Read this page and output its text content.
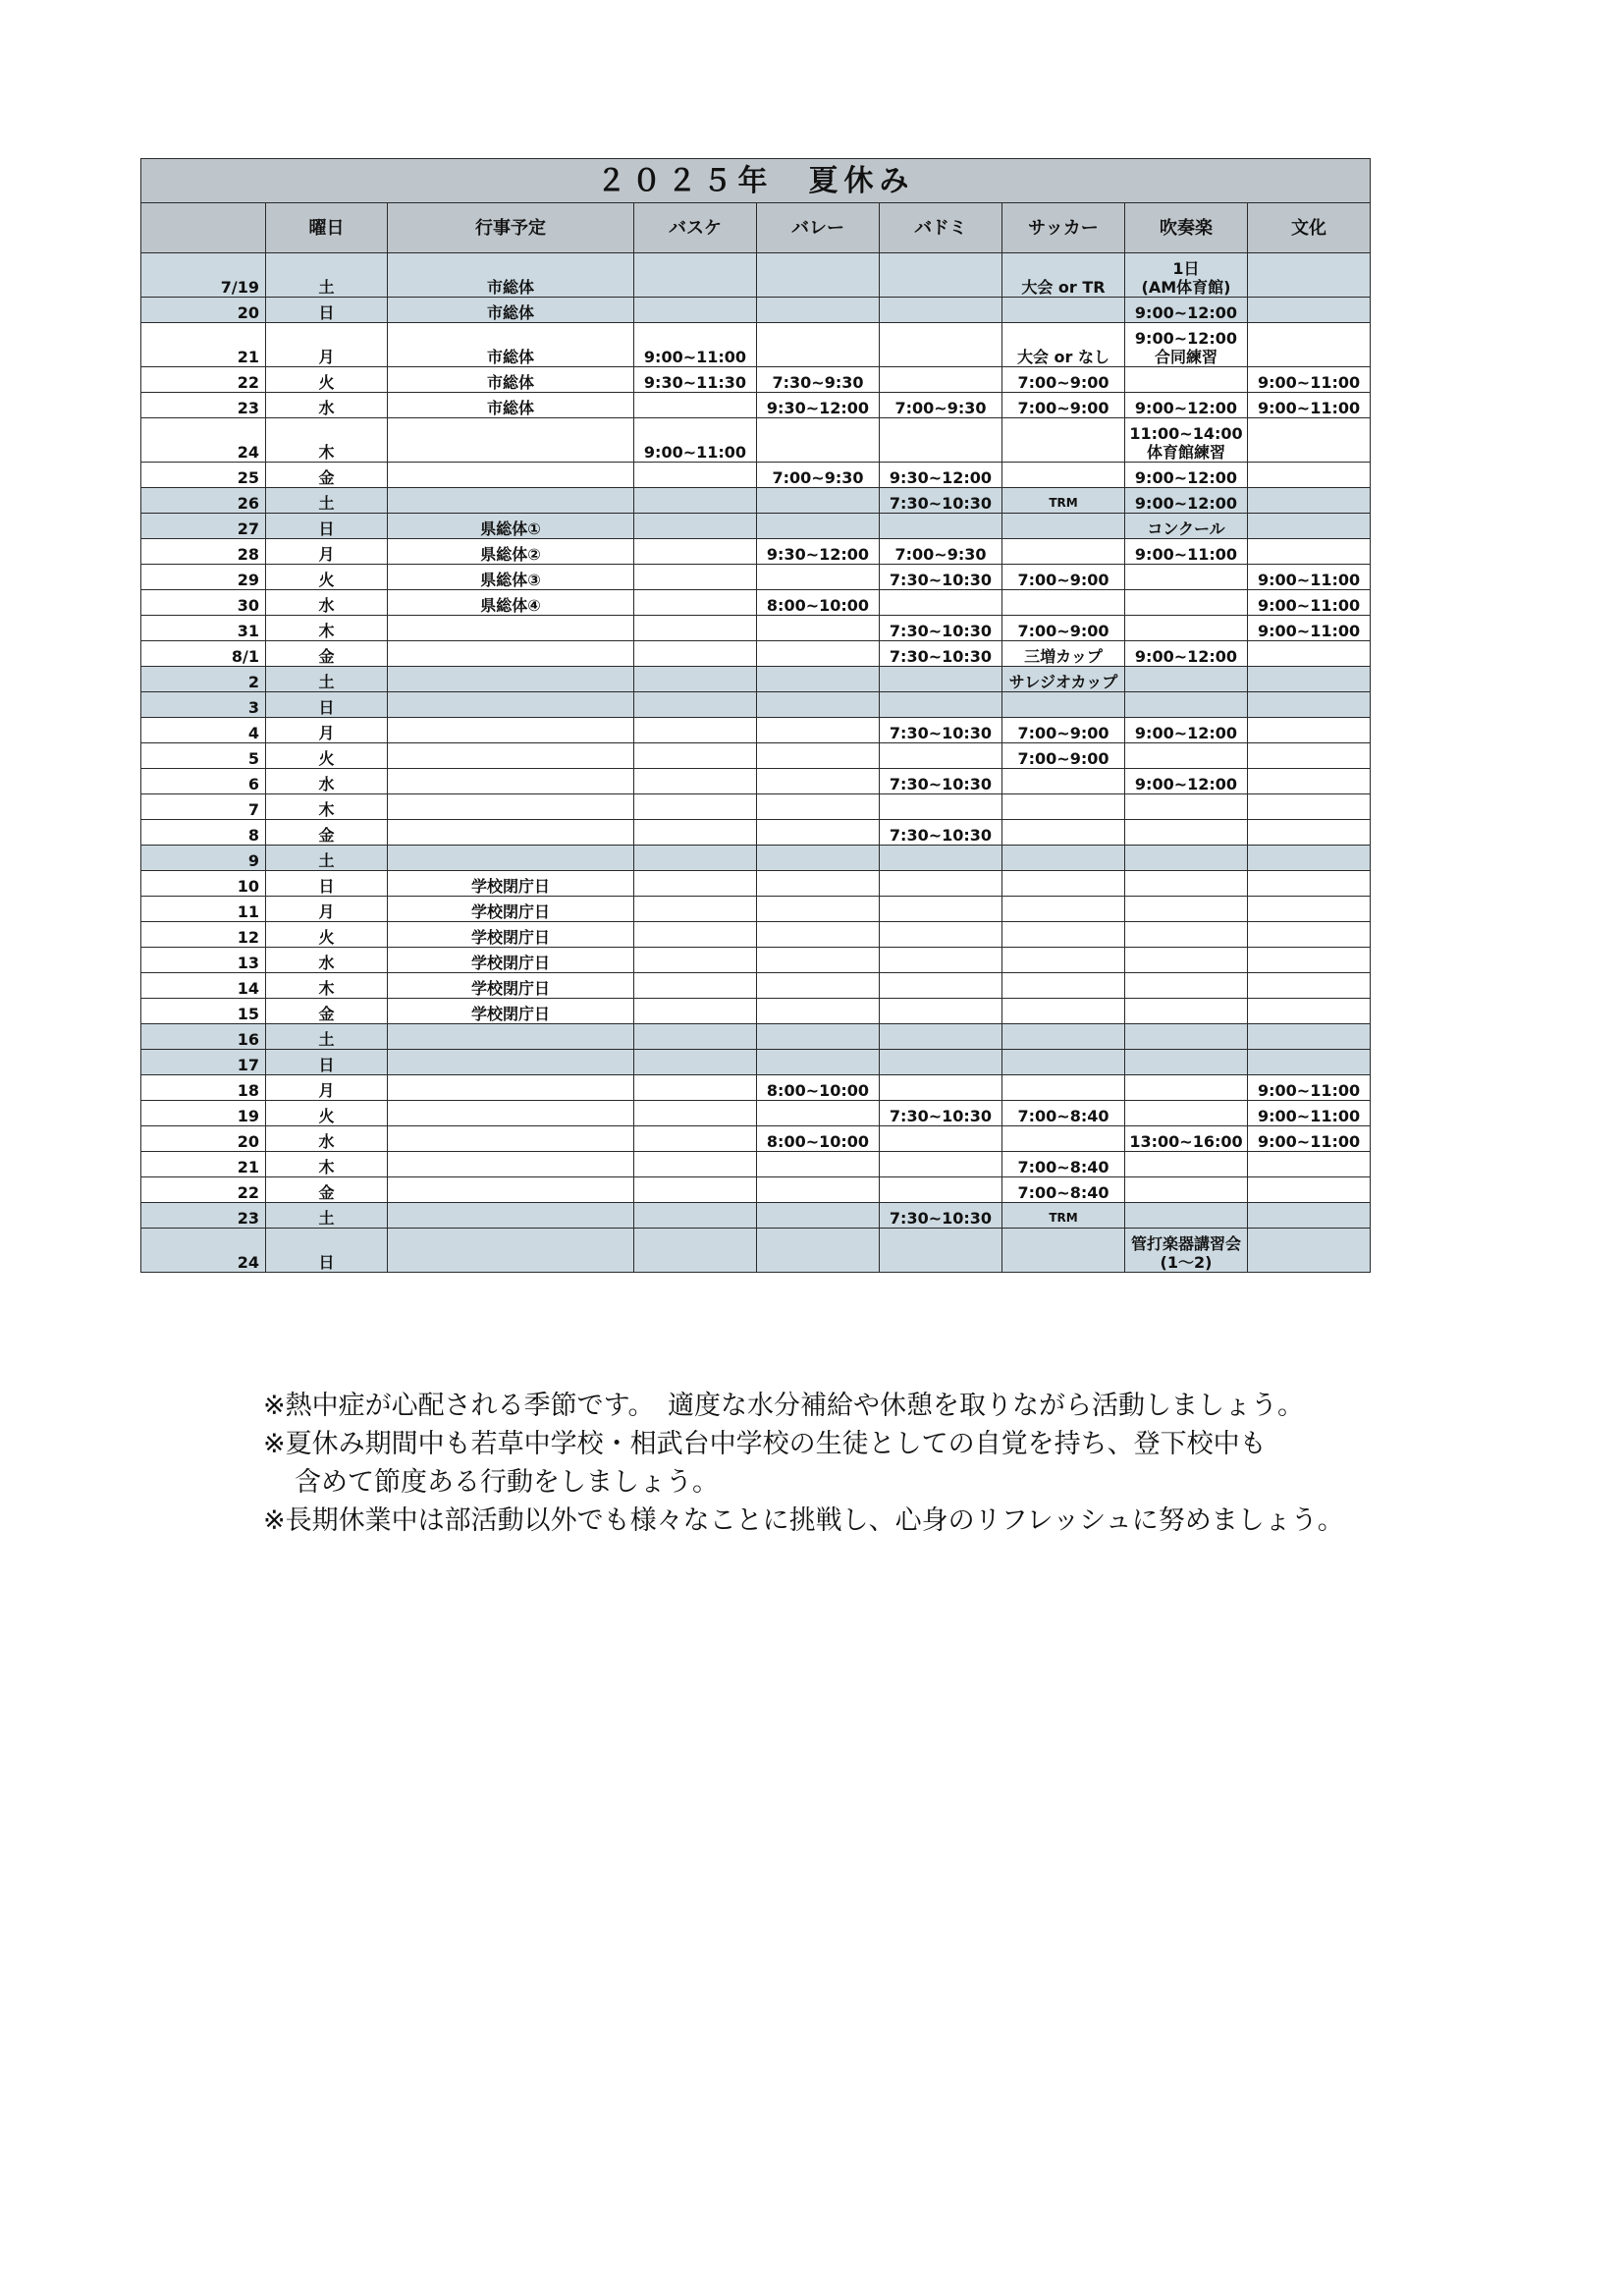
２０２５年　夏休み								
	曜日	行事予定	バスケ	バレー	バドミ	サッカー	吹奏楽	文化
7/19	土	市総体				大会 or TR	1日
(AM体育館)	
20	日	市総体					9:00~12:00	
21	月	市総体	9:00~11:00			大会 or なし	9:00~12:00
合同練習	
22	火	市総体	9:30~11:30	7:30~9:30		7:00~9:00		9:00~11:00
23	水	市総体		9:30~12:00	7:00~9:30	7:00~9:00	9:00~12:00	9:00~11:00
24	木		9:00~11:00				11:00~14:00
体育館練習	
25	金			7:00~9:30	9:30~12:00		9:00~12:00	
26	土				7:30~10:30	TRM	9:00~12:00	
27	日	県総体①					コンクール	
28	月	県総体②		9:30~12:00	7:00~9:30		9:00~11:00	
29	火	県総体③			7:30~10:30	7:00~9:00		9:00~11:00
30	水	県総体④		8:00~10:00				9:00~11:00
31	木				7:30~10:30	7:00~9:00		9:00~11:00
8/1	金				7:30~10:30	三増カップ	9:00~12:00	
2	土					サレジオカップ		
3	日							
4	月				7:30~10:30	7:00~9:00	9:00~12:00	
5	火					7:00~9:00		
6	水				7:30~10:30		9:00~12:00	
7	木							
8	金				7:30~10:30			
9	土							
10	日	学校閉庁日						
11	月	学校閉庁日						
12	火	学校閉庁日						
13	水	学校閉庁日						
14	木	学校閉庁日						
15	金	学校閉庁日						
16	土							
17	日							
18	月			8:00~10:00				9:00~11:00
19	火				7:30~10:30	7:00~8:40		9:00~11:00
20	水			8:00~10:00			13:00~16:00	9:00~11:00
21	木					7:00~8:40		
22	金					7:00~8:40		
23	土				7:30~10:30	TRM		
24	日						管打楽器講習会
(1～2)	
※熱中症が心配される季節です。　適度な水分補給や休憩を取りながら活動しましょう。
※夏休み期間中も若草中学校・相武台中学校の生徒としての自覚を持ち、登下校中も
含めて節度ある行動をしましょう。
※長期休業中は部活動以外でも様々なことに挑戦し、心身のリフレッシュに努めましょう。
